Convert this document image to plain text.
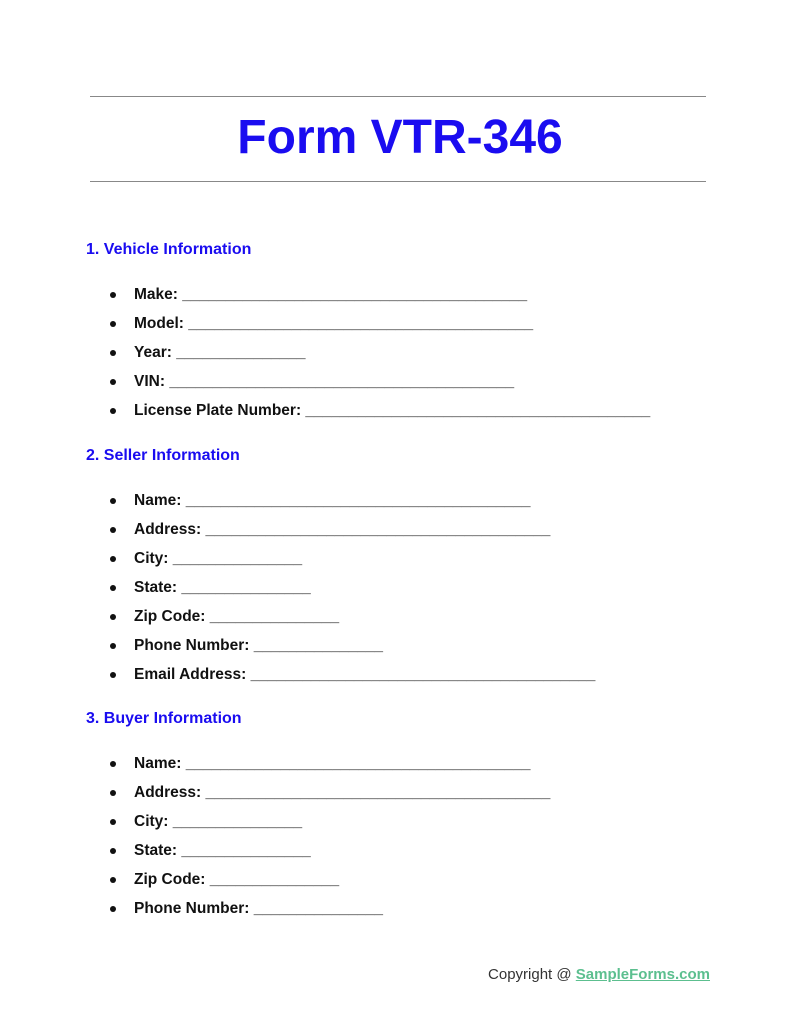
Form VTR-346
1. Vehicle Information
Make: ________________________________________
Model: ________________________________________
Year: _______________
VIN: ________________________________________
License Plate Number: ________________________________________
2. Seller Information
Name: ________________________________________
Address: ________________________________________
City: _______________
State: _______________
Zip Code: _______________
Phone Number: _______________
Email Address: ________________________________________
3. Buyer Information
Name: ________________________________________
Address: ________________________________________
City: _______________
State: _______________
Zip Code: _______________
Phone Number: _______________
Copyright @ SampleForms.com
